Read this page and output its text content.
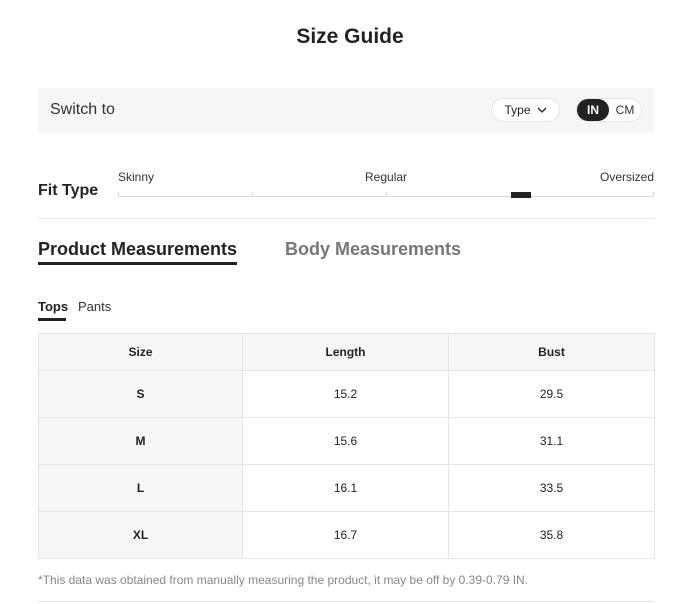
Size Guide
Switch to	Type	IN	CM
Fit Type
Skinny	Regular	Oversized
Product Measurements	Body Measurements
Tops Pants
Size	Length	Bust
S	15.2	29.5
M	15.6	31.1
L	16.1	33.5
XL	16.7	35.8
*This data was obtained from manually measuring the product, it may be off by 0.39-0.79 IN.
